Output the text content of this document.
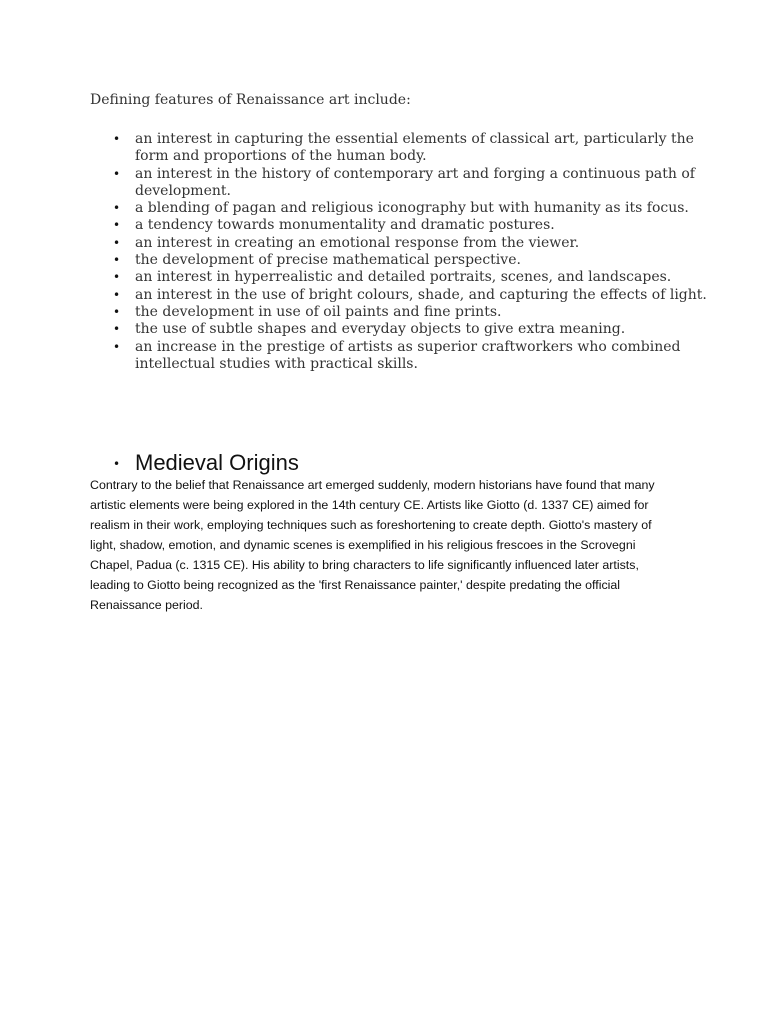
Defining features of Renaissance art include:

• an interest in capturing the essential elements of classical art, particularly the form and proportions of the human body.
• an interest in the history of contemporary art and forging a continuous path of development.
• a blending of pagan and religious iconography but with humanity as its focus.
• a tendency towards monumentality and dramatic postures.
• an interest in creating an emotional response from the viewer.
• the development of precise mathematical perspective.
• an interest in hyperrealistic and detailed portraits, scenes, and landscapes.
• an interest in the use of bright colours, shade, and capturing the effects of light.
• the development in use of oil paints and fine prints.
• the use of subtle shapes and everyday objects to give extra meaning.
• an increase in the prestige of artists as superior craftworkers who combined intellectual studies with practical skills.
• Medieval Origins

Contrary to the belief that Renaissance art emerged suddenly, modern historians have found that many artistic elements were being explored in the 14th century CE. Artists like Giotto (d. 1337 CE) aimed for realism in their work, employing techniques such as foreshortening to create depth. Giotto's mastery of light, shadow, emotion, and dynamic scenes is exemplified in his religious frescoes in the Scrovegni Chapel, Padua (c. 1315 CE). His ability to bring characters to life significantly influenced later artists, leading to Giotto being recognized as the 'first Renaissance painter,' despite predating the official Renaissance period.
